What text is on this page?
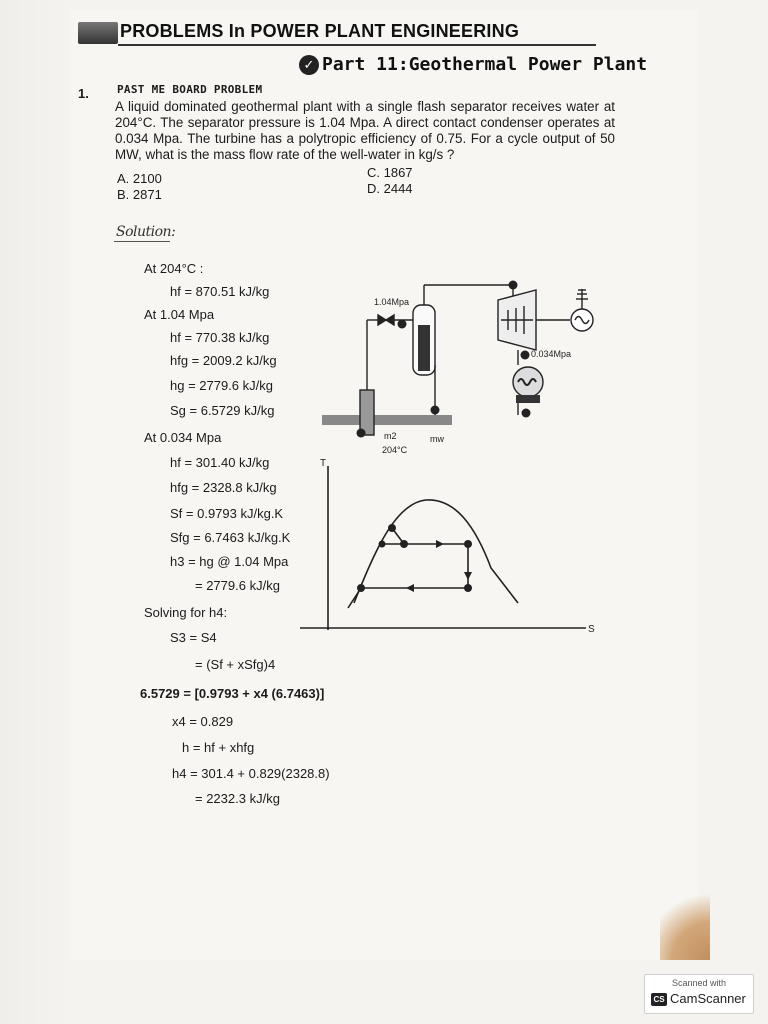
PROBLEMS In POWER PLANT ENGINEERING
✓ Part 11:Geothermal Power Plant
1.	PAST ME BOARD PROBLEM
A liquid dominated geothermal plant with a single flash separator receives water at 204°C. The separator pressure is 1.04 Mpa. A direct contact condenser operates at 0.034 Mpa. The turbine has a polytropic efficiency of 0.75. For a cycle output of 50 MW, what is the mass flow rate of the well-water in kg/s ?
A. 2100
B. 2871
C. 1867
D. 2444
Solution:
At 204°C :
hf = 870.51 kJ/kg
At 1.04 Mpa
hf = 770.38 kJ/kg
hfg = 2009.2 kJ/kg
hg = 2779.6 kJ/kg
Sg = 6.5729 kJ/kg
At 0.034 Mpa
hf = 301.40 kJ/kg
hfg = 2328.8 kJ/kg
Sf = 0.9793 kJ/kg.K
Sfg = 6.7463 kJ/kg.K
h3 = hg @ 1.04 Mpa
= 2779.6 kJ/kg
Solving for h4:
S3 = S4
= (Sf + xSfg)4
6.5729 = [0.9793 + x4 (6.7463)]
x4 = 0.829
h = hf + xhfg
h4 = 301.4 + 0.829(2328.8)
= 2232.3 kJ/kg
1.04Mpa
0.034Mpa
m2	mw
204°C
T
S
Scanned with
CS CamScanner
